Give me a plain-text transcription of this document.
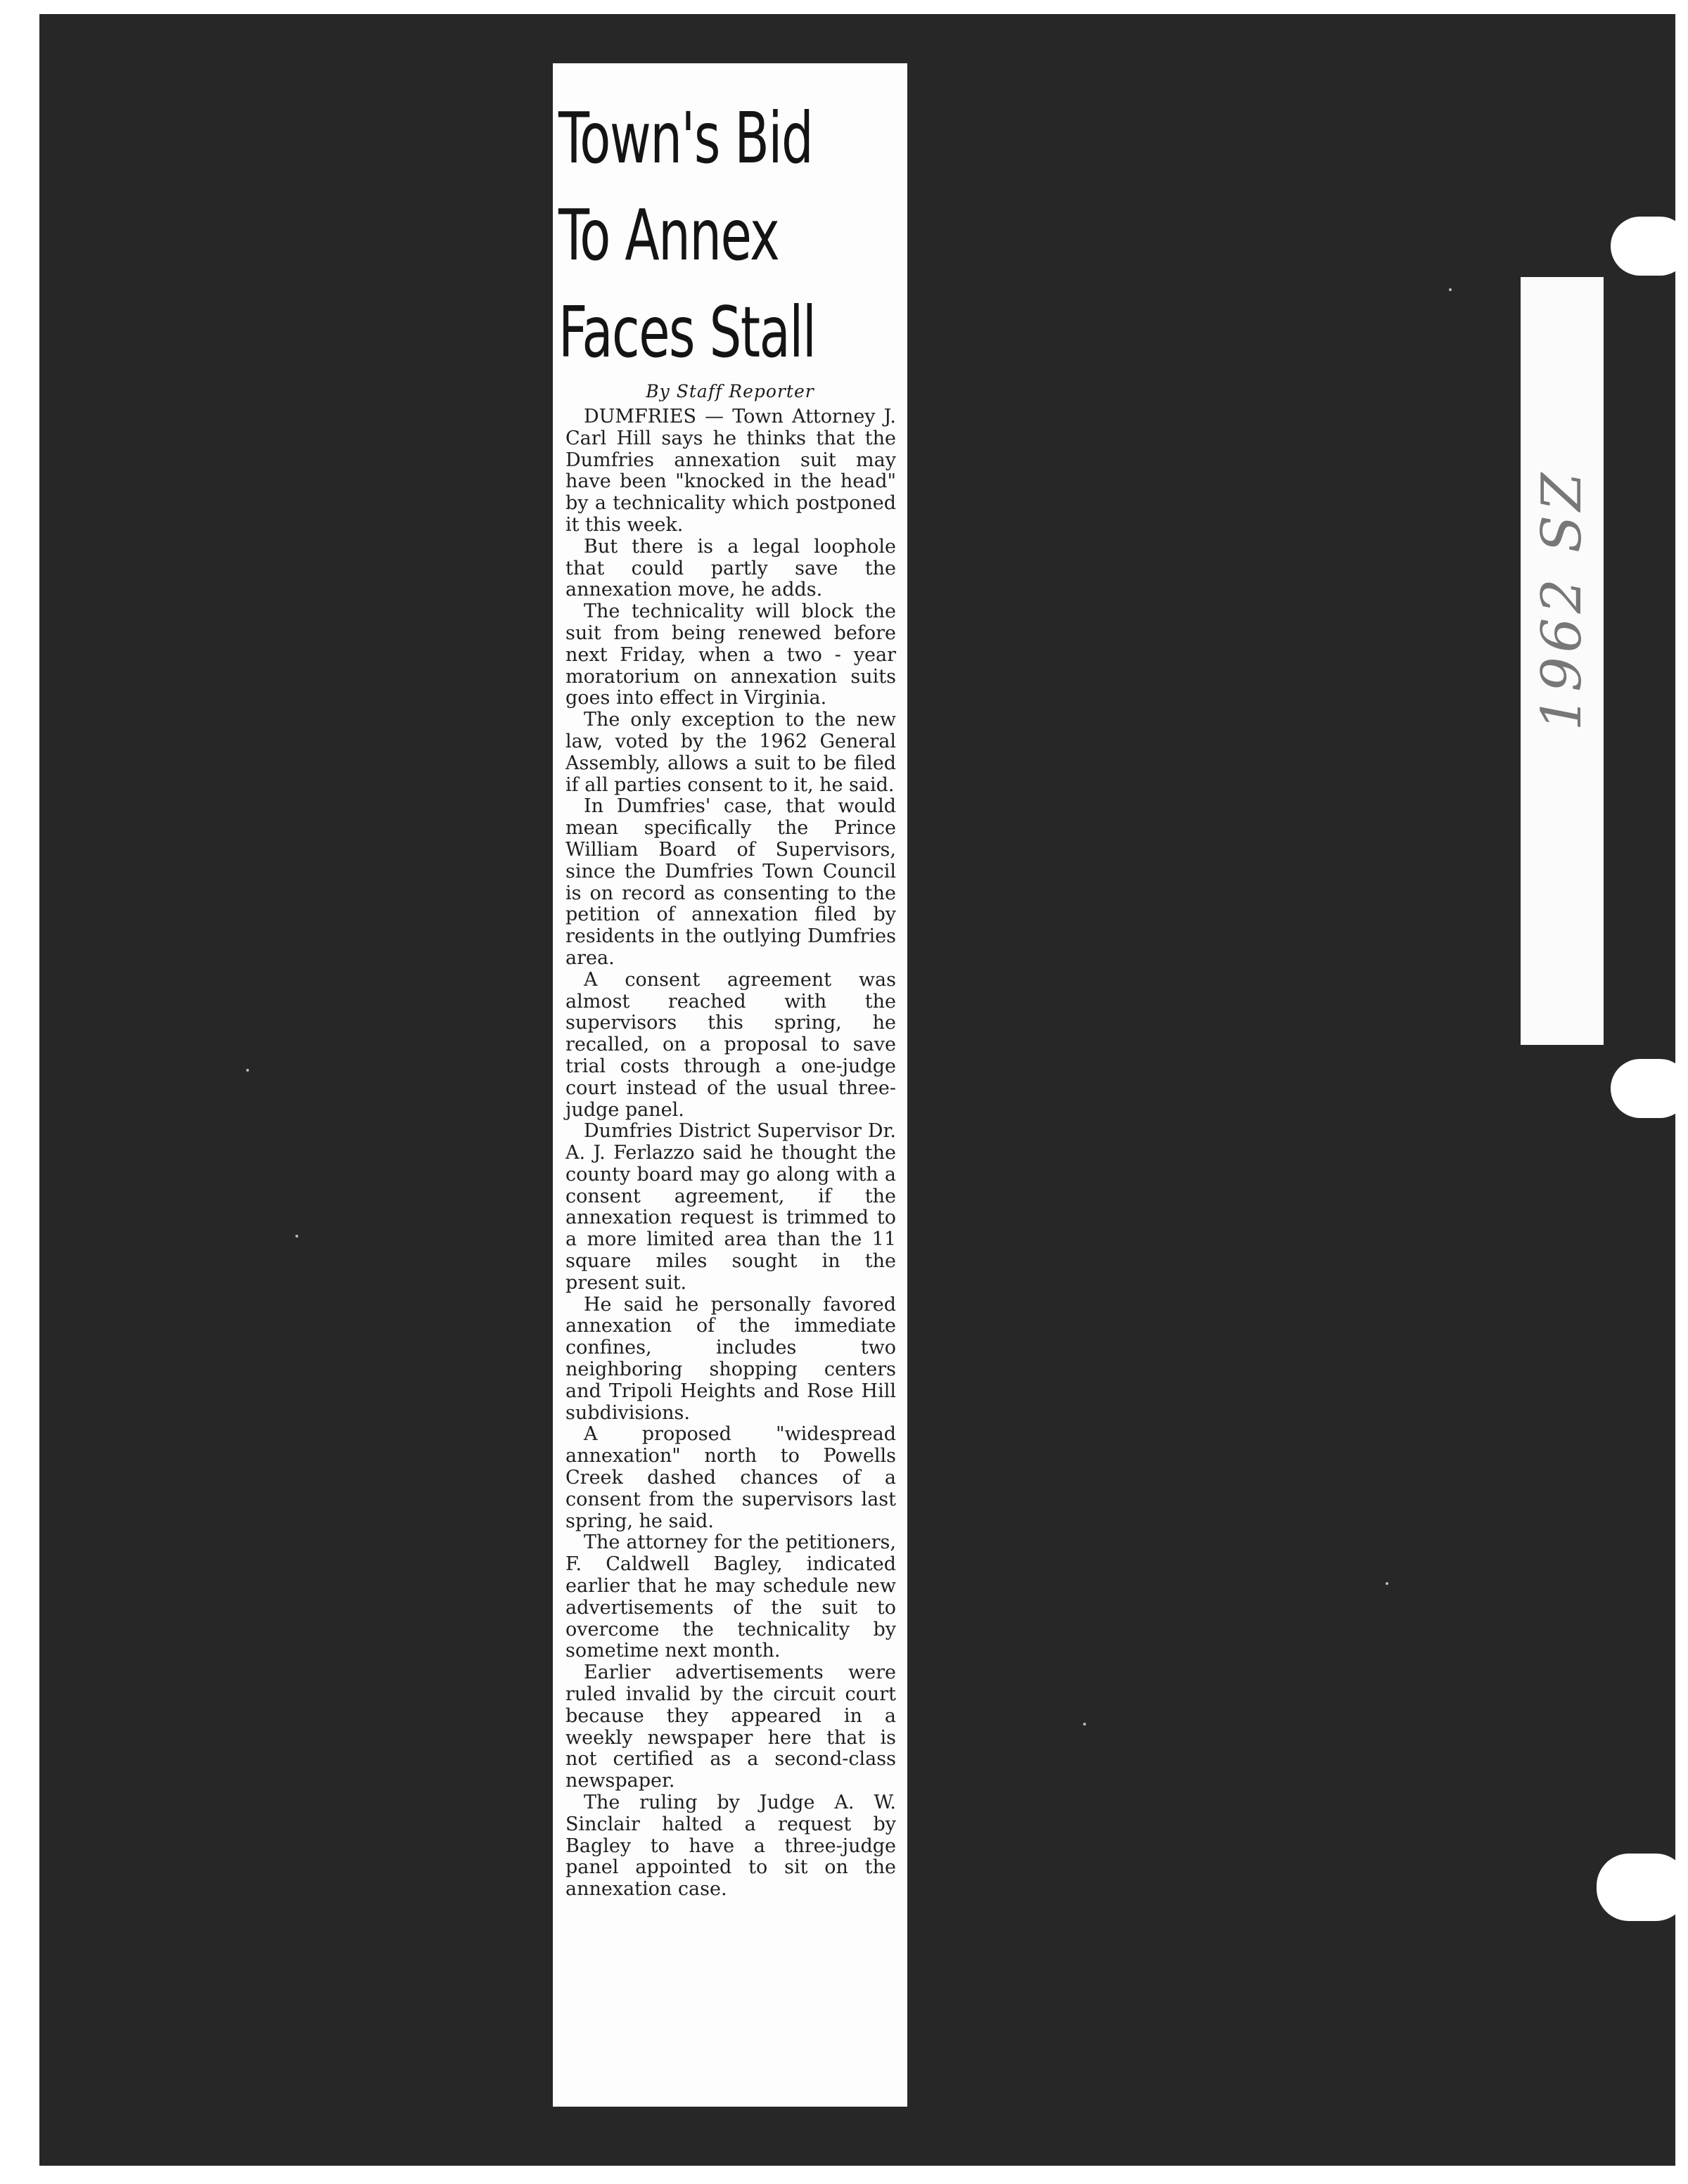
1962 SZ
Town's Bid
To Annex
Faces Stall
By Staff Reporter

DUMFRIES — Town Attorney J. Carl Hill says he thinks that the Dumfries annexation suit may have been "knocked in the head" by a technicality which postponed it this week.

But there is a legal loophole that could partly save the annexation move, he adds.

The technicality will block the suit from being renewed before next Friday, when a two - year moratorium on annexation suits goes into effect in Virginia.

The only exception to the new law, voted by the 1962 General Assembly, allows a suit to be filed if all parties consent to it, he said.

In Dumfries' case, that would mean specifically the Prince William Board of Supervisors, since the Dumfries Town Council is on record as consenting to the petition of annexation filed by residents in the outlying Dumfries area.

A consent agreement was almost reached with the supervisors this spring, he recalled, on a proposal to save trial costs through a one-judge court instead of the usual three-judge panel.

Dumfries District Supervisor Dr. A. J. Ferlazzo said he thought the county board may go along with a consent agreement, if the annexation request is trimmed to a more limited area than the 11 square miles sought in the present suit.

He said he personally favored annexation of the immediate confines, includes two neighboring shopping centers and Tripoli Heights and Rose Hill subdivisions.

A proposed "widespread annexation" north to Powells Creek dashed chances of a consent from the supervisors last spring, he said.

The attorney for the petitioners, F. Caldwell Bagley, indicated earlier that he may schedule new advertisements of the suit to overcome the technicality by sometime next month.

Earlier advertisements were ruled invalid by the circuit court because they appeared in a weekly newspaper here that is not certified as a second-class newspaper.

The ruling by Judge A. W. Sinclair halted a request by Bagley to have a three-judge panel appointed to sit on the annexation case.
